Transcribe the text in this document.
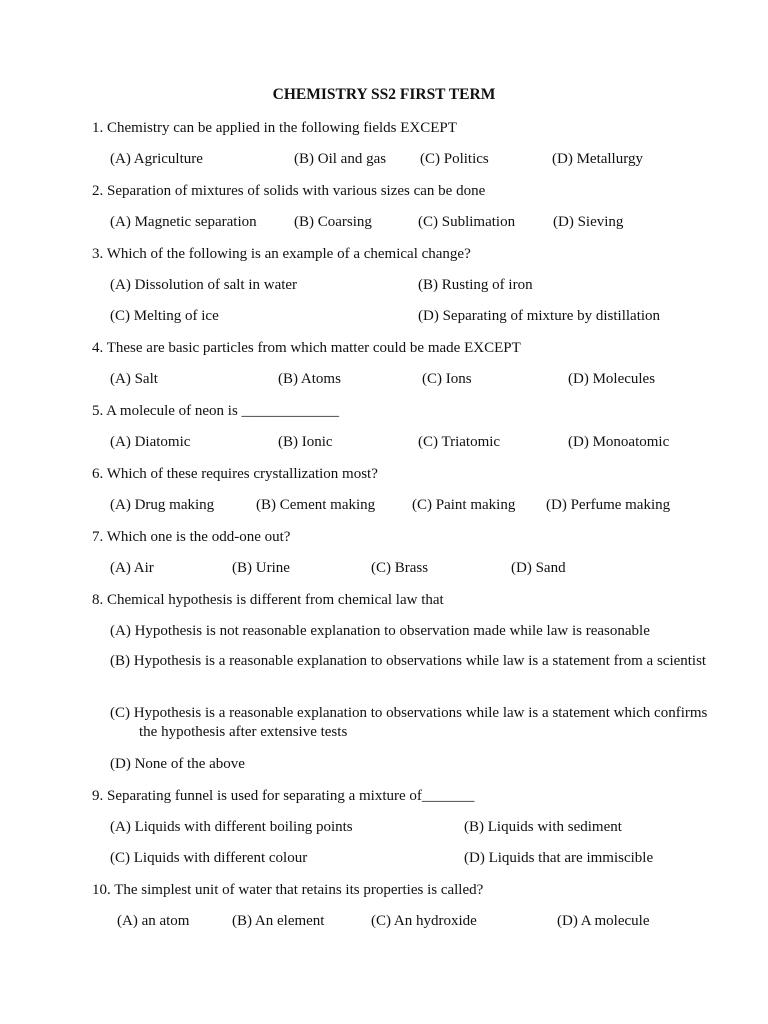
CHEMISTRY SS2 FIRST TERM
1. Chemistry can be applied in the following fields EXCEPT
(A) Agriculture	(B) Oil and gas (C) Politics	(D) Metallurgy
2. Separation of mixtures of solids with various sizes can be done
(A) Magnetic separation (B) Coarsing	(C) Sublimation	(D) Sieving
3. Which of the following is an example of a chemical change?
(A) Dissolution of salt in water	(B) Rusting of iron
(C) Melting of ice	(D) Separating of mixture by distillation
4. These are basic particles from which matter could be made EXCEPT
(A) Salt	(B) Atoms	(C) Ions	(D) Molecules
5. A molecule of neon is _____________
(A) Diatomic	(B) Ionic	(C) Triatomic	(D) Monoatomic
6. Which of these requires crystallization most?
(A) Drug making	(B) Cement making (C) Paint making (D) Perfume making
7. Which one is the odd-one out?
(A) Air	(B) Urine	(C) Brass	(D) Sand
8. Chemical hypothesis is different from chemical law that
(A) Hypothesis is not reasonable explanation to observation made while law is reasonable
(B) Hypothesis is a reasonable explanation to observations while law is a statement from a scientist
(C) Hypothesis is a reasonable explanation to observations while law is a statement which confirms the hypothesis after extensive tests
(D) None of the above
9. Separating funnel is used for separating a mixture of_______
(A) Liquids with different boiling points	(B) Liquids with sediment
(C) Liquids with different colour	(D) Liquids that are immiscible
10. The simplest unit of water that retains its properties is called?
(A) an atom	(B) An element	(C) An hydroxide	(D) A molecule
